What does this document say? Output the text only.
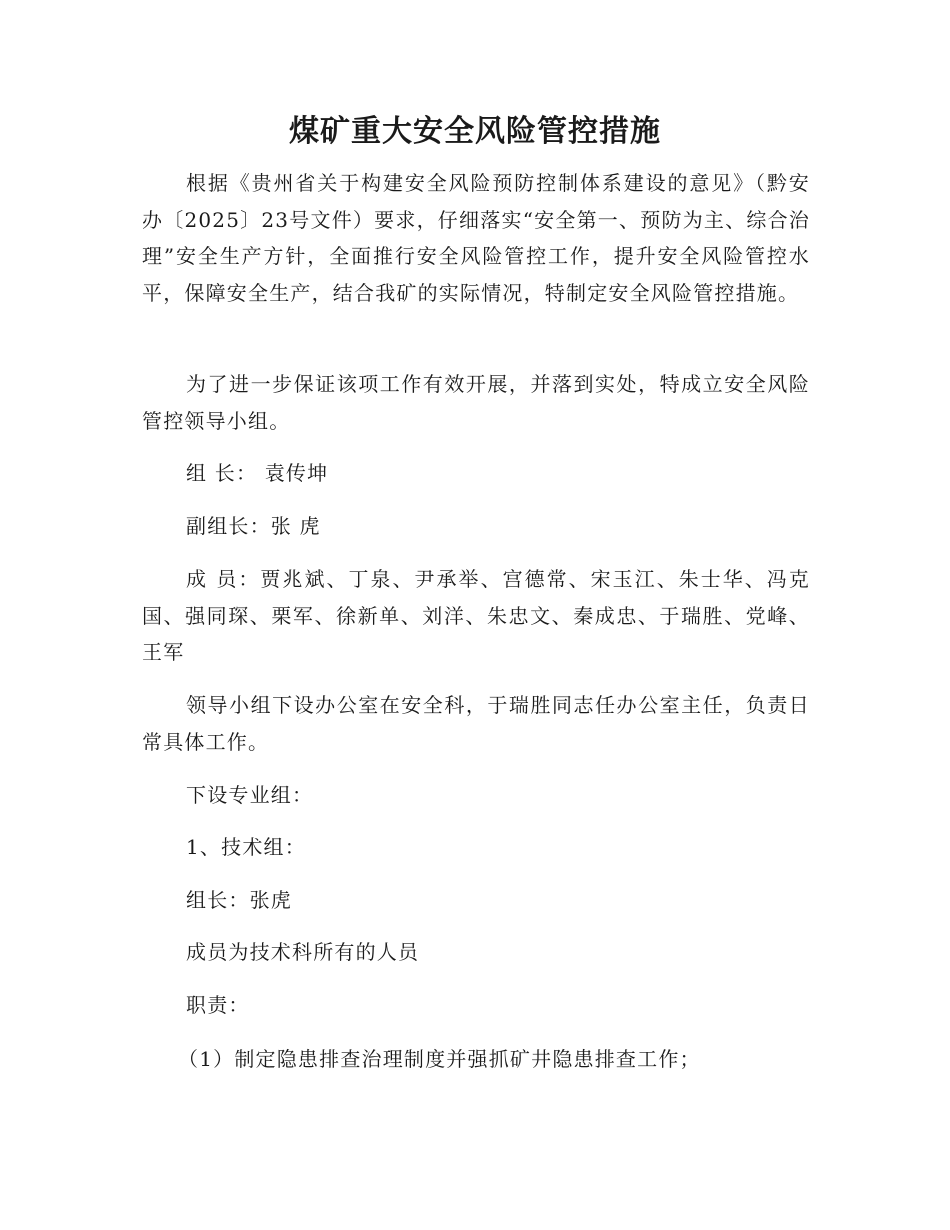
煤矿重大安全风险管控措施

根据《贵州省关于构建安全风险预防控制体系建设的意见》（黔安办〔2025〕23号文件）要求，仔细落实“安全第一、预防为主、综合治理”安全生产方针，全面推行安全风险管控工作，提升安全风险管控水平，保障安全生产，结合我矿的实际情况，特制定安全风险管控措施。

为了进一步保证该项工作有效开展，并落到实处，特成立安全风险管控领导小组。

组 长： 袁传坤
副组长：张 虎

成 员：贾兆斌、丁泉、尹承举、宫德常、宋玉江、朱士华、冯克国、强同琛、栗军、徐新单、刘洋、朱忠文、秦成忠、于瑞胜、党峰、王军

领导小组下设办公室在安全科，于瑞胜同志任办公室主任，负责日常具体工作。

下设专业组：
1、技术组：
组长：张虎
成员为技术科所有的人员
职责：
（1）制定隐患排查治理制度并强抓矿井隐患排查工作；
